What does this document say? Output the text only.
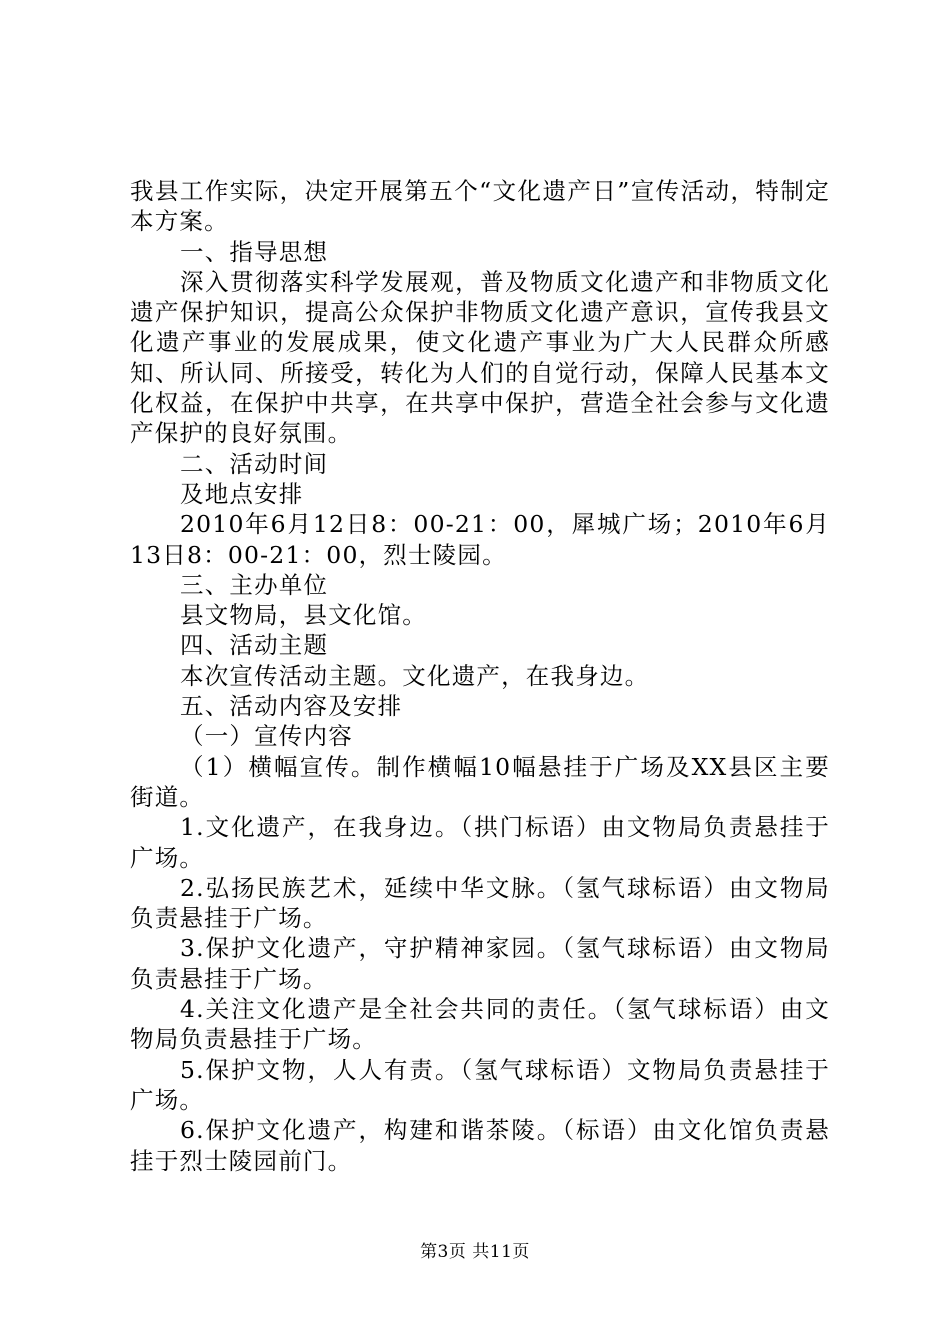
我县工作实际，决定开展第五个“文化遗产日”宣传活动，特制定本方案。

一、指导思想

深入贯彻落实科学发展观，普及物质文化遗产和非物质文化遗产保护知识，提高公众保护非物质文化遗产意识，宣传我县文化遗产事业的发展成果，使文化遗产事业为广大人民群众所感知、所认同、所接受，转化为人们的自觉行动，保障人民基本文化权益，在保护中共享，在共享中保护，营造全社会参与文化遗产保护的良好氛围。

二、活动时间

及地点安排

2010年6月12日8：00-21：00，犀城广场；2010年6月13日8：00-21：00，烈士陵园。

三、主办单位

县文物局，县文化馆。

四、活动主题

本次宣传活动主题。文化遗产，在我身边。

五、活动内容及安排

（一）宣传内容

（1）横幅宣传。制作横幅10幅悬挂于广场及XX县区主要街道。

1.文化遗产，在我身边。（拱门标语）由文物局负责悬挂于广场。

2.弘扬民族艺术，延续中华文脉。（氢气球标语）由文物局负责悬挂于广场。

3.保护文化遗产，守护精神家园。（氢气球标语）由文物局负责悬挂于广场。

4.关注文化遗产是全社会共同的责任。（氢气球标语）由文物局负责悬挂于广场。

5.保护文物，人人有责。（氢气球标语）文物局负责悬挂于广场。

6.保护文化遗产，构建和谐茶陵。（标语）由文化馆负责悬挂于烈士陵园前门。

第3页 共11页
